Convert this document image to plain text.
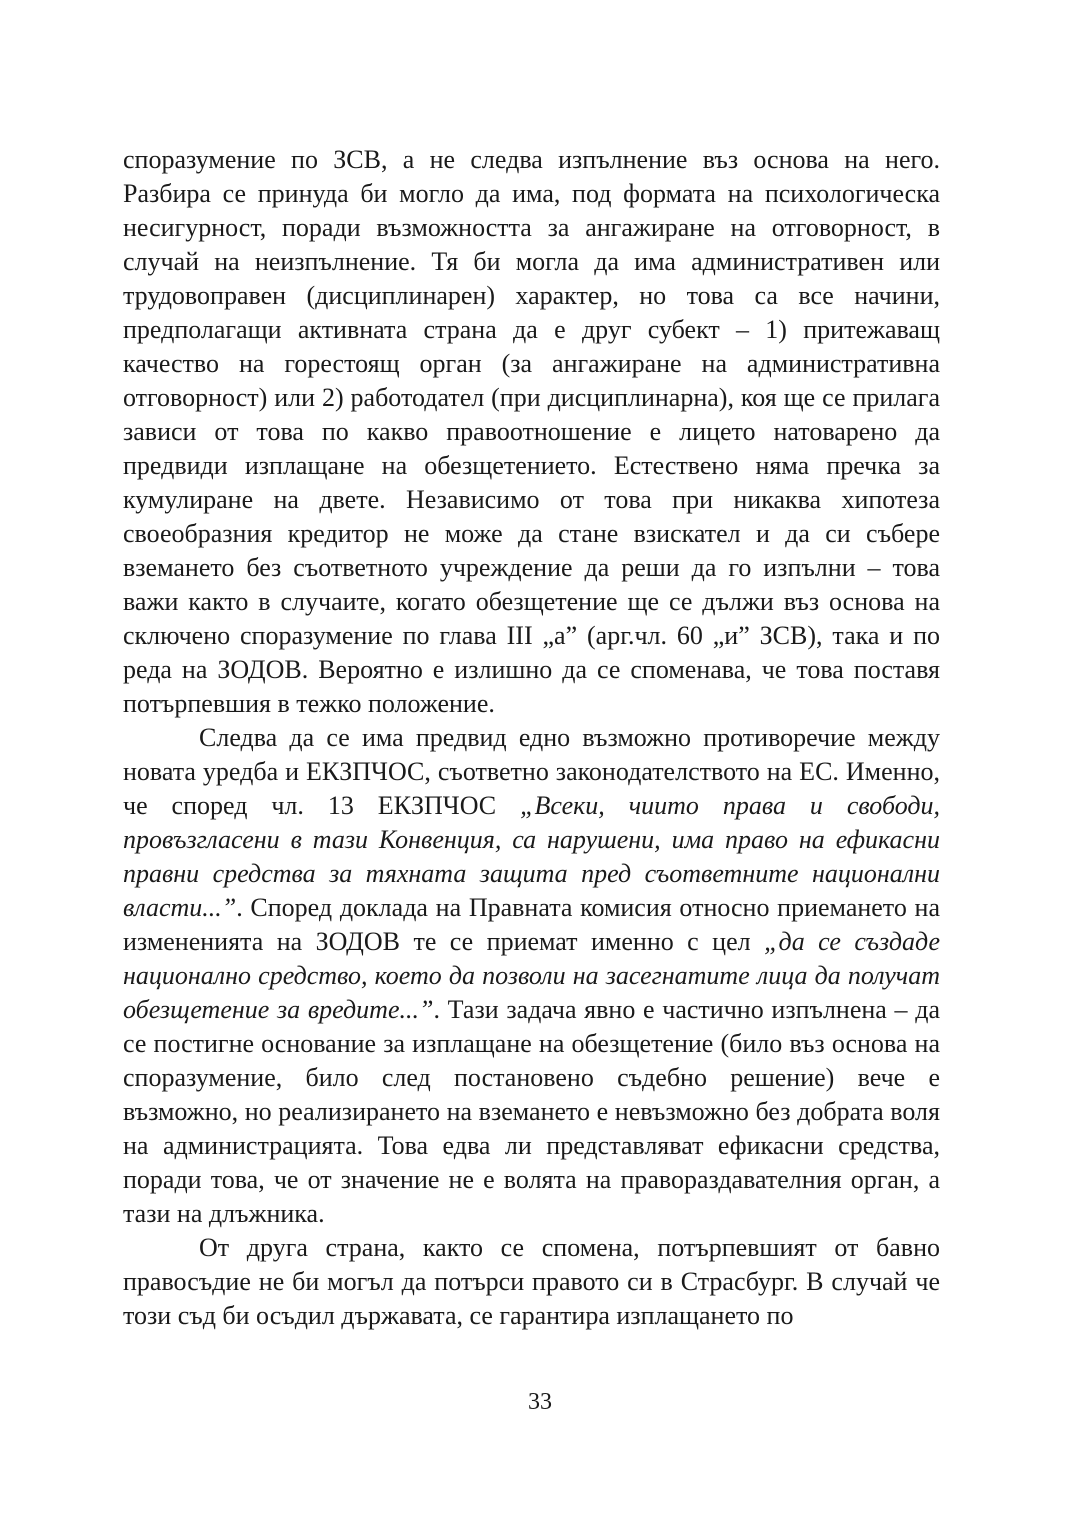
споразумение по ЗСВ, а не следва изпълнение въз основа на него. Разбира се принуда би могло да има, под формата на психологическа несигурност, поради възможността за ангажиране на отговорност, в случай на неизпълнение. Тя би могла да има административен или трудовоправен (дисциплинарен) характер, но това са все начини, предполагащи активната страна да е друг субект – 1) притежаващ качество на горестоящ орган (за ангажиране на административна отговорност) или 2) работодател (при дисциплинарна), коя ще се прилага зависи от това по какво правоотношение е лицето натоварено да предвиди изплащане на обезщетението. Естествено няма пречка за кумулиране на двете. Независимо от това при никаква хипотеза своеобразния кредитор не може да стане взискател и да си събере вземането без съответното учреждение да реши да го изпълни – това важи както в случаите, когато обезщетение ще се дължи въз основа на сключено споразумение по глава III „а” (арг.чл. 60 „и” ЗСВ), така и по реда на ЗОДОВ. Вероятно е излишно да се споменава, че това поставя потърпевшия в тежко положение.

Следва да се има предвид едно възможно противоречие между новата уредба и ЕКЗПЧОС, съответно законодателството на ЕС. Именно, че според чл. 13 ЕКЗПЧОС „Всеки, чиито права и свободи, провъзгласени в тази Конвенция, са нарушени, има право на ефикасни правни средства за тяхната защита пред съответните национални власти...”. Според доклада на Правната комисия относно приемането на измененията на ЗОДОВ те се приемат именно с цел „да се създаде национално средство, което да позволи на засегнатите лица да получат обезщетение за вредите...”. Тази задача явно е частично изпълнена – да се постигне основание за изплащане на обезщетение (било въз основа на споразумение, било след постановено съдебно решение) вече е възможно, но реализирането на вземането е невъзможно без добрата воля на администрацията. Това едва ли представляват ефикасни средства, поради това, че от значение не е волята на правораздавателния орган, а тази на длъжника.

От друга страна, както се спомена, потърпевшият от бавно правосъдие не би могъл да потърси правото си в Страсбург. В случай че този съд би осъдил държавата, се гарантира изплащането по

33
